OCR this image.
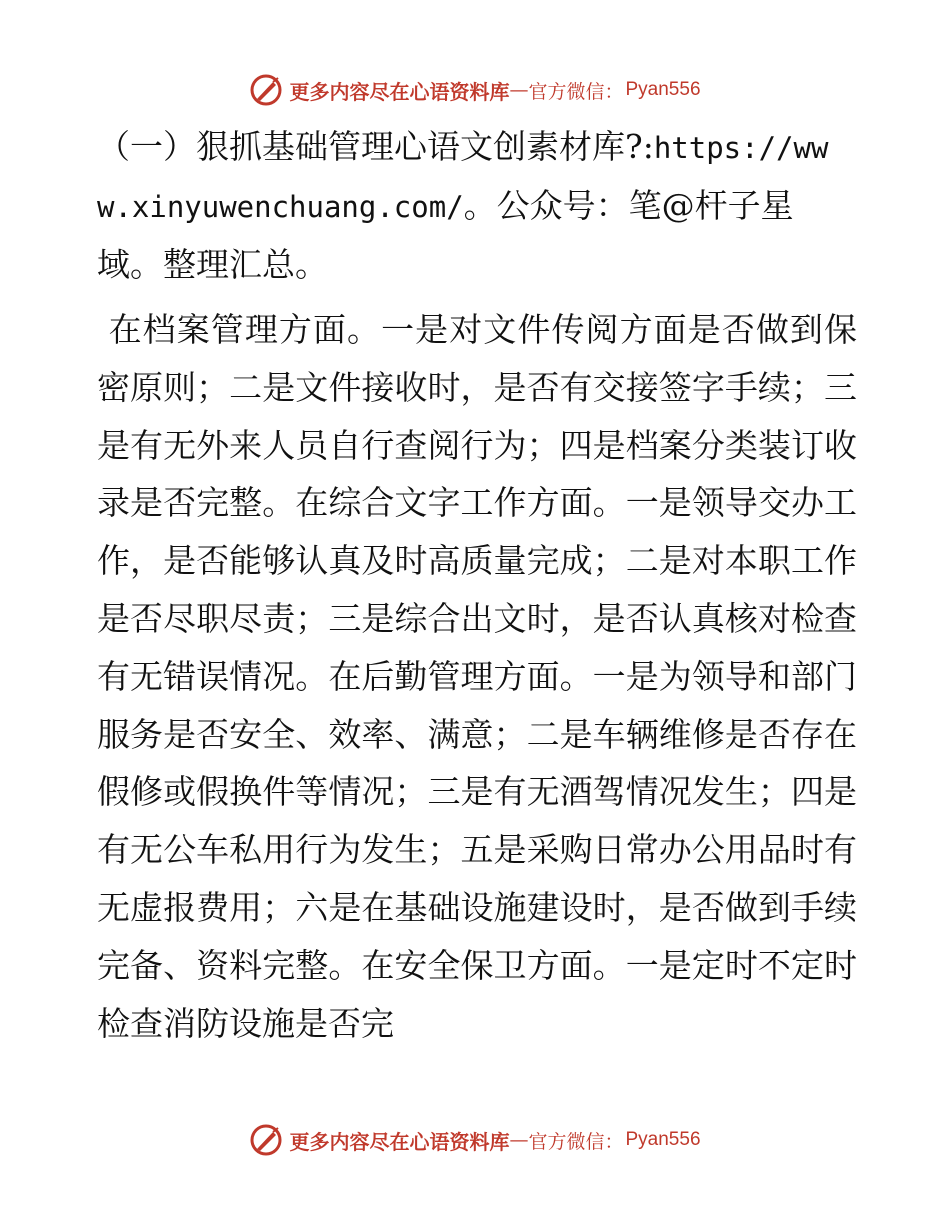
更多内容尽在心语资料库 — 官方微信： Pyan556

（一）狠抓基础管理心语文创素材库?:https://www.xinyuwenchuang.com/。公众号：笔@杆子星域。整理汇总。

在档案管理方面。一是对文件传阅方面是否做到保密原则；二是文件接收时，是否有交接签字手续；三是有无外来人员自行查阅行为；四是档案分类装订收录是否完整。在综合文字工作方面。一是领导交办工作，是否能够认真及时高质量完成；二是对本职工作是否尽职尽责；三是综合出文时，是否认真核对检查有无错误情况。在后勤管理方面。一是为领导和部门服务是否安全、效率、满意；二是车辆维修是否存在假修或假换件等情况；三是有无酒驾情况发生；四是有无公车私用行为发生；五是采购日常办公用品时有无虚报费用；六是在基础设施建设时，是否做到手续完备、资料完整。在安全保卫方面。一是定时不定时检查消防设施是否完

更多内容尽在心语资料库 — 官方微信： Pyan556
